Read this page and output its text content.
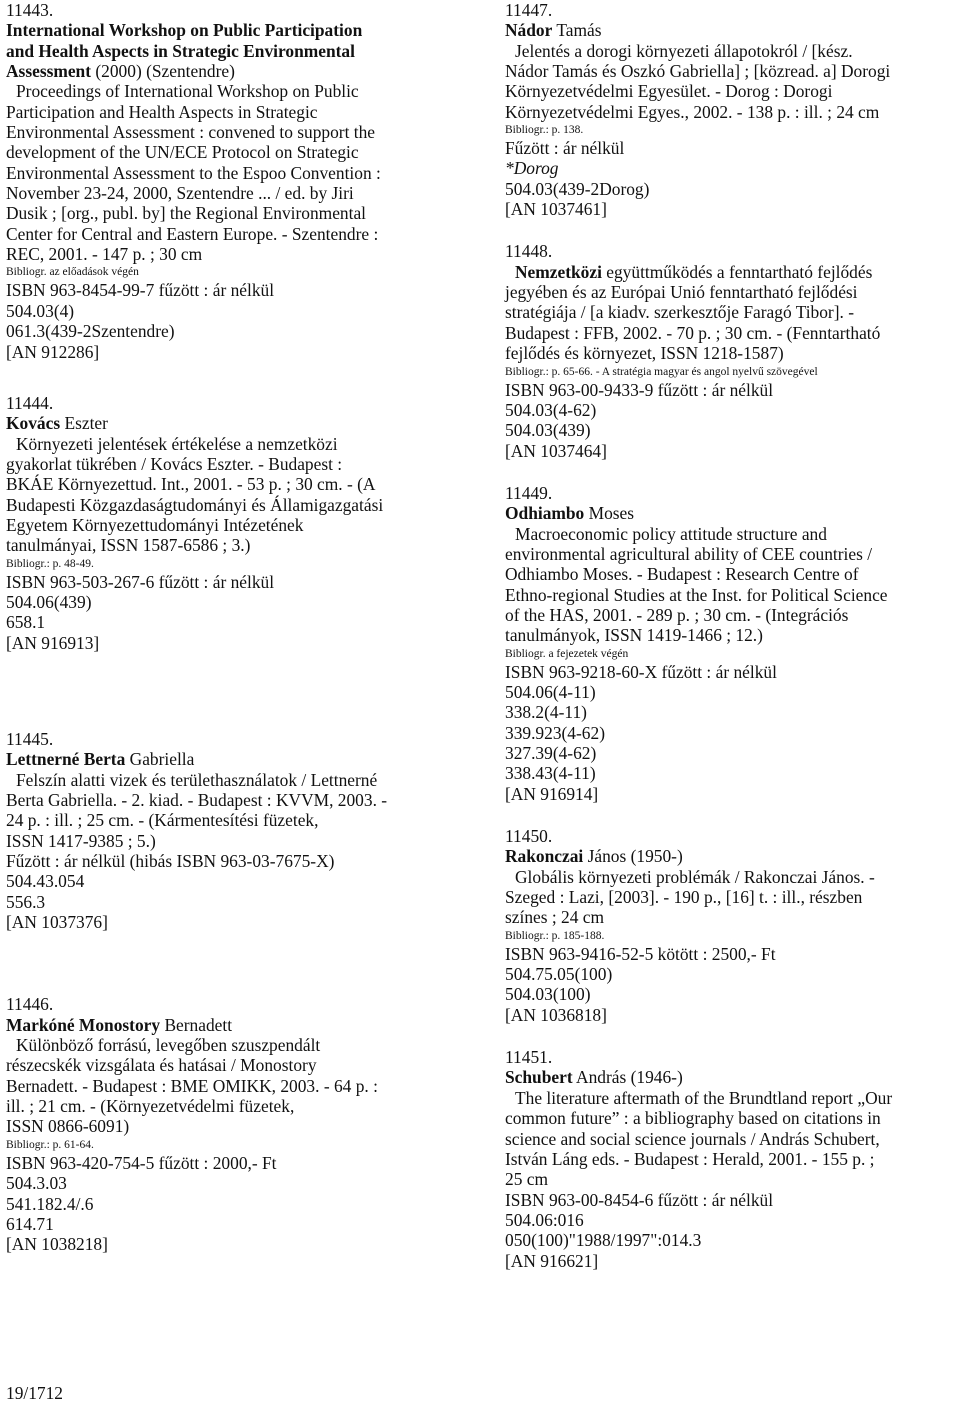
11443.

International Workshop on Public Participation

and Health Aspects in Strategic Environmental

Assessment (2000) (Szentendre)

Proceedings of International Workshop on Public

Participation and Health Aspects in Strategic

Environmental Assessment : convened to support the

development of the UN/ECE Protocol on Strategic

Environmental Assessment to the Espoo Convention :

November 23-24, 2000, Szentendre ... / ed. by Jiri

Dusik ; [org., publ. by] the Regional Environmental

Center for Central and Eastern Europe. - Szentendre :

REC, 2001. - 147 p. ; 30 cm

Bibliogr. az előadások végén

ISBN 963-8454-99-7 fűzött : ár nélkül

504.03(4)

061.3(439-2Szentendre)

[AN 912286]

11444.

Kovács Eszter

Környezeti jelentések értékelése a nemzetközi

gyakorlat tükrében / Kovács Eszter. - Budapest :

BKÁE Környezettud. Int., 2001. - 53 p. ; 30 cm. - (A

Budapesti Közgazdaságtudományi és Államigazgatási

Egyetem Környezettudományi Intézetének

tanulmányai, ISSN 1587-6586 ; 3.)

Bibliogr.: p. 48-49.

ISBN 963-503-267-6 fűzött : ár nélkül

504.06(439)

658.1

[AN 916913]

11445.

Lettnerné Berta Gabriella

Felszín alatti vizek és területhasználatok / Lettnerné

Berta Gabriella. - 2. kiad. - Budapest : KVVM, 2003. -

24 p. : ill. ; 25 cm. - (Kármentesítési füzetek,

ISSN 1417-9385 ; 5.)

Fűzött : ár nélkül (hibás ISBN 963-03-7675-X)

504.43.054

556.3

[AN 1037376]

11446.

Markóné Monostory Bernadett

Különböző forrású, levegőben szuszpendált

részecskék vizsgálata és hatásai / Monostory

Bernadett. - Budapest : BME OMIKK, 2003. - 64 p. :

ill. ; 21 cm. - (Környezetvédelmi füzetek,

ISSN 0866-6091)

Bibliogr.: p. 61-64.

ISBN 963-420-754-5 fűzött : 2000,- Ft

504.3.03

541.182.4/.6

614.71

[AN 1038218]

11447.

Nádor Tamás

Jelentés a dorogi környezeti állapotokról / [kész.

Nádor Tamás és Oszkó Gabriella] ; [közread. a] Dorogi

Környezetvédelmi Egyesület. - Dorog : Dorogi

Környezetvédelmi Egyes., 2002. - 138 p. : ill. ; 24 cm

Bibliogr.: p. 138.

Fűzött : ár nélkül

*Dorog

504.03(439-2Dorog)

[AN 1037461]

11448.

Nemzetközi együttműködés a fenntartható fejlődés

jegyében és az Európai Unió fenntartható fejlődési

stratégiája / [a kiadv. szerkesztője Faragó Tibor]. -

Budapest : FFB, 2002. - 70 p. ; 30 cm. - (Fenntartható

fejlődés és környezet, ISSN 1218-1587)

Bibliogr.: p. 65-66. - A stratégia magyar és angol nyelvű szövegével

ISBN 963-00-9433-9 fűzött : ár nélkül

504.03(4-62)

504.03(439)

[AN 1037464]

11449.

Odhiambo Moses

Macroeconomic policy attitude structure and

environmental agricultural ability of CEE countries /

Odhiambo Moses. - Budapest : Research Centre of

Ethno-regional Studies at the Inst. for Political Science

of the HAS, 2001. - 289 p. ; 30 cm. - (Integrációs

tanulmányok, ISSN 1419-1466 ; 12.)

Bibliogr. a fejezetek végén

ISBN 963-9218-60-X fűzött : ár nélkül

504.06(4-11)

338.2(4-11)

339.923(4-62)

327.39(4-62)

338.43(4-11)

[AN 916914]

11450.

Rakonczai János (1950-)

Globális környezeti problémák / Rakonczai János. -

Szeged : Lazi, [2003]. - 190 p., [16] t. : ill., részben

színes ; 24 cm

Bibliogr.: p. 185-188.

ISBN 963-9416-52-5 kötött : 2500,- Ft

504.75.05(100)

504.03(100)

[AN 1036818]

11451.

Schubert András (1946-)

The literature aftermath of the Brundtland report „Our

common future” : a bibliography based on citations in

science and social science journals / András Schubert,

István Láng eds. - Budapest : Herald, 2001. - 155 p. ;

25 cm

ISBN 963-00-8454-6 fűzött : ár nélkül

504.06:016

050(100)"1988/1997":014.3

[AN 916621]

19/1712
